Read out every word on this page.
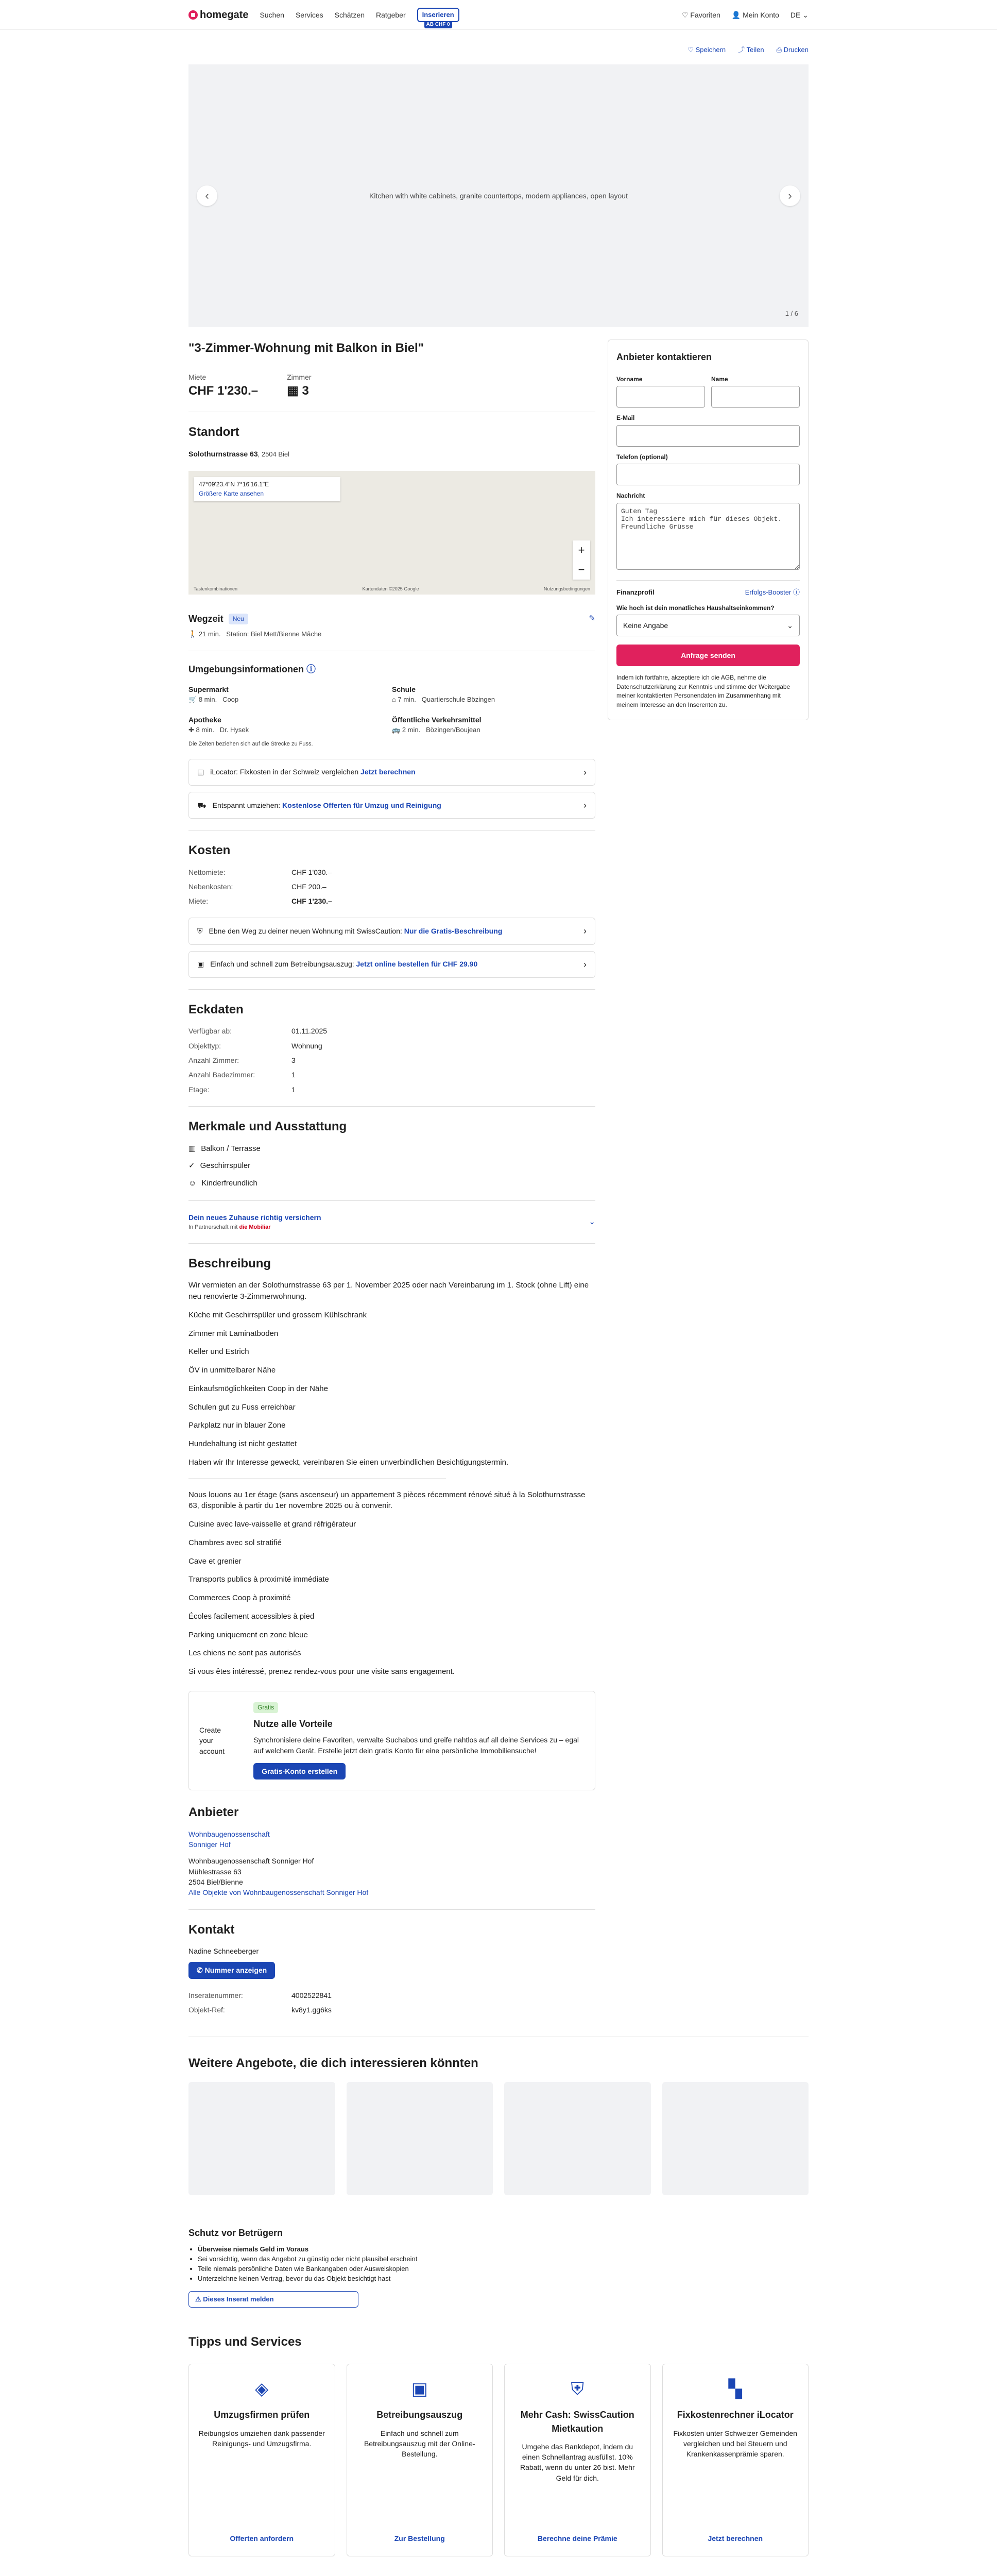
homegate Suchen Services Schätzen Ratgeber	Inserieren
AB CHF 0
♡ Favoriten 👤 Mein Konto DE ⌄
♡ Speichern ⤴ Teilen ⎙ Drucken
Kitchen with white cabinets, granite countertops, modern appliances, open layout
‹	›
1 / 6
"3-Zimmer-Wohnung mit Balkon in Biel"
Miete
CHF 1'230.–
Zimmer
▦ 3
Standort
Solothurnstrasse 63, 2504 Biel
47°09'23.4"N 7°16'16.1"E
Größere Karte ansehen
+
−
Tastenkombinationen	Kartendaten ©2025 Google	Nutzungsbedingungen
Wegzeit	Neu	✎
🚶 21 min. Station: Biel Mett/Bienne Mâche
Umgebungsinformationen ⓘ
Supermarkt
🛒 8 min. Coop
Schule
⌂ 7 min. Quartierschule Bözingen
Apotheke
✚ 8 min. Dr. Hysek
Öffentliche Verkehrsmittel
🚌 2 min. Bözingen/Boujean
Die Zeiten beziehen sich auf die Strecke zu Fuss.
▤ iLocator: Fixkosten in der Schweiz vergleichen Jetzt berechnen	›
⛟ Entspannt umziehen: Kostenlose Offerten für Umzug und Reinigung	›
Kosten
Nettomiete:	CHF 1'030.–
Nebenkosten:	CHF 200.–
Miete:	CHF 1'230.–
⛨ Ebne den Weg zu deiner neuen Wohnung mit SwissCaution: Nur die Gratis-Beschreibung	›
▣ Einfach und schnell zum Betreibungsauszug: Jetzt online bestellen für CHF 29.90	›
Eckdaten
Verfügbar ab:	01.11.2025
Objekttyp:	Wohnung
Anzahl Zimmer:	3
Anzahl Badezimmer:	1
Etage:	1
Merkmale und Ausstattung
▥ Balkon / Terrasse
✓ Geschirrspüler
☺ Kinderfreundlich
Dein neues Zuhause richtig versichern
In Partnerschaft mit die Mobiliar
⌄
Beschreibung

Wir vermieten an der Solothurnstrasse 63 per 1. November 2025 oder nach Vereinbarung im 1. Stock (ohne Lift) eine neu renovierte 3-Zimmerwohnung.

Küche mit Geschirrspüler und grossem Kühlschrank

Zimmer mit Laminatboden

Keller und Estrich

ÖV in unmittelbarer Nähe

Einkaufsmöglichkeiten Coop in der Nähe

Schulen gut zu Fuss erreichbar

Parkplatz nur in blauer Zone

Hundehaltung ist nicht gestattet

Haben wir Ihr Interesse geweckt, vereinbaren Sie einen unverbindlichen Besichtigungstermin.

Nous louons au 1er étage (sans ascenseur) un appartement 3 pièces récemment rénové situé à la Solothurnstrasse 63, disponible à partir du 1er novembre 2025 ou à convenir.

Cuisine avec lave-vaisselle et grand réfrigérateur

Chambres avec sol stratifié

Cave et grenier

Transports publics à proximité immédiate

Commerces Coop à proximité

Écoles facilement accessibles à pied

Parking uniquement en zone bleue

Les chiens ne sont pas autorisés

Si vous êtes intéressé, prenez rendez-vous pour une visite sans engagement.

Create your account
Gratis
Nutze alle Vorteile

Synchronisiere deine Favoriten, verwalte Suchabos und greife nahtlos auf all deine Services zu – egal auf welchem Gerät. Erstelle jetzt dein gratis Konto für eine persönliche Immobiliensuche!

Gratis-Konto erstellen
Anbieter
Wohnbaugenossenschaft
Sonniger Hof
Wohnbaugenossenschaft Sonniger Hof
Mühlestrasse 63
2504 Biel/Bienne
Alle Objekte von Wohnbaugenossenschaft Sonniger Hof
Kontakt
Nadine Schneeberger
✆ Nummer anzeigen
Inseratenummer:	4002522841
Objekt-Ref:	kv8y1.gg6ks
Anbieter kontaktieren
Vorname	Name
E-Mail
Telefon (optional)
Nachricht
Guten Tag Ich interessiere mich für dieses Objekt. Freundliche Grüsse
Finanzprofil	Erfolgs-Booster ⓘ
Wie hoch ist dein monatliches Haushaltseinkommen?
Keine Angabe	⌄
Anfrage senden

Indem ich fortfahre, akzeptiere ich die AGB, nehme die Datenschutzerklärung zur Kenntnis und stimme der Weitergabe meiner kontaktierten Personendaten im Zusammenhang mit meinem Interesse an den Inserenten zu.

Weitere Angebote, die dich interessieren könnten
Schutz vor Betrügern
• Überweise niemals Geld im Voraus
• Sei vorsichtig, wenn das Angebot zu günstig oder nicht plausibel erscheint
• Teile niemals persönliche Daten wie Bankangaben oder Ausweiskopien
• Unterzeichne keinen Vertrag, bevor du das Objekt besichtigt hast
⚠ Dieses Inserat melden
Tipps und Services
◈
Umzugsfirmen prüfen

Reibungslos umziehen dank passender Reinigungs- und Umzugsfirma.

Offerten anfordern
▣
Betreibungsauszug

Einfach und schnell zum Betreibungsauszug mit der Online-Bestellung.

Zur Bestellung
⛨
Mehr Cash: SwissCaution Mietkaution

Umgehe das Bankdepot, indem du einen Schnellantrag ausfüllst. 10% Rabatt, wenn du unter 26 bist. Mehr Geld für dich.

Berechne deine Prämie
▚
Fixkostenrechner iLocator

Fixkosten unter Schweizer Gemeinden vergleichen und bei Steuern und Krankenkassenprämie sparen.

Jetzt berechnen
